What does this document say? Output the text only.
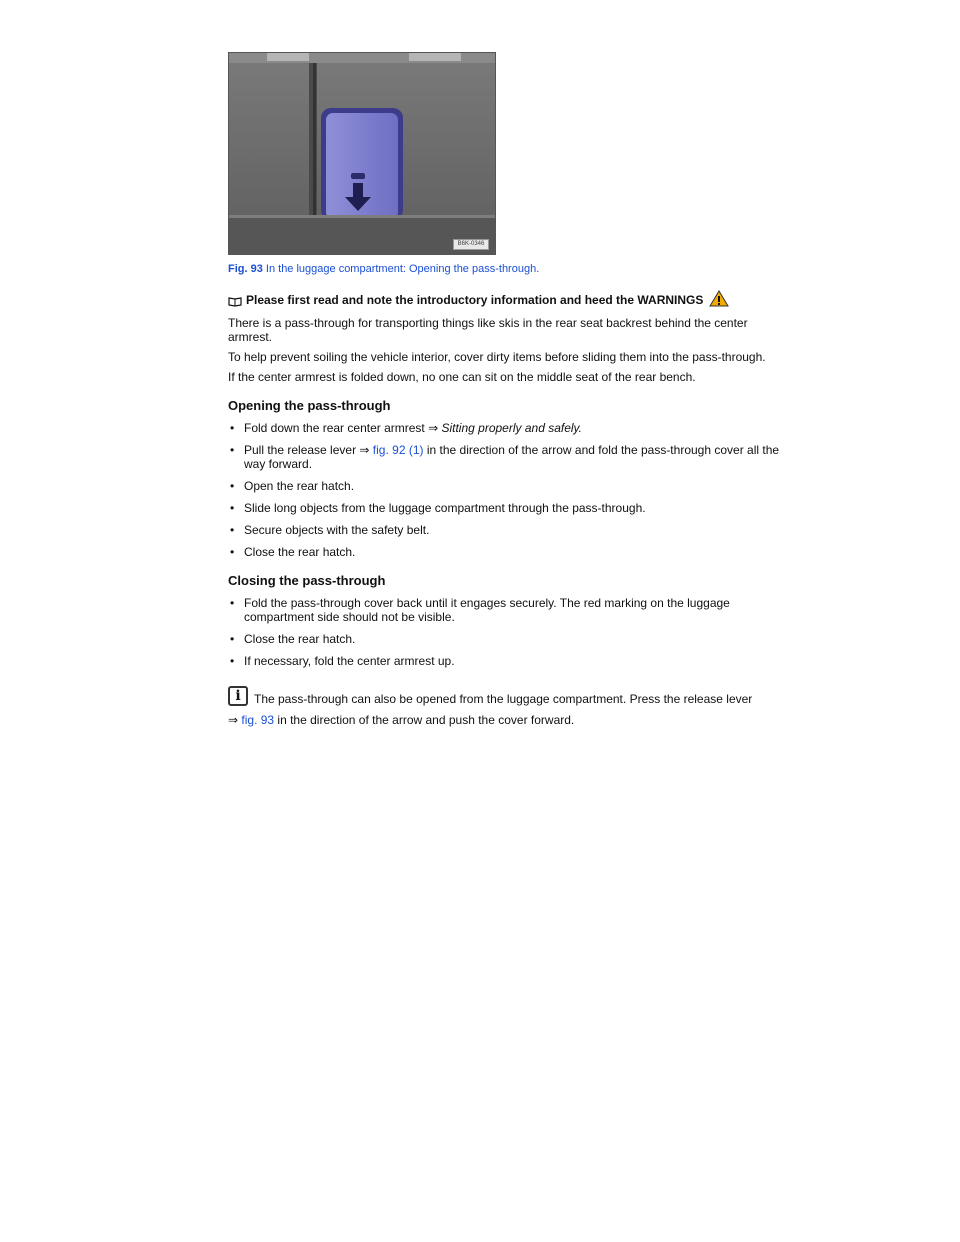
B6K-0346
Fig. 93 In the luggage compartment: Opening the pass-through.
Please first read and note the introductory information and heed the WARNINGS

There is a pass-through for transporting things like skis in the rear seat backrest behind the center armrest.

To help prevent soiling the vehicle interior, cover dirty items before sliding them into the pass-through.

If the center armrest is folded down, no one can sit on the middle seat of the rear bench.

Opening the pass-through
• Fold down the rear center armrest ⇒ Sitting properly and safely.
• Pull the release lever ⇒ fig. 92 (1) in the direction of the arrow and fold the pass-through cover all the way forward.
• Open the rear hatch.
• Slide long objects from the luggage compartment through the pass-through.
• Secure objects with the safety belt.
• Close the rear hatch.
Closing the pass-through
• Fold the pass-through cover back until it engages securely. The red marking on the luggage compartment side should not be visible.
• Close the rear hatch.
• If necessary, fold the center armrest up.
i	The pass-through can also be opened from the luggage compartment. Press the release lever
⇒ fig. 93 in the direction of the arrow and push the cover forward.
